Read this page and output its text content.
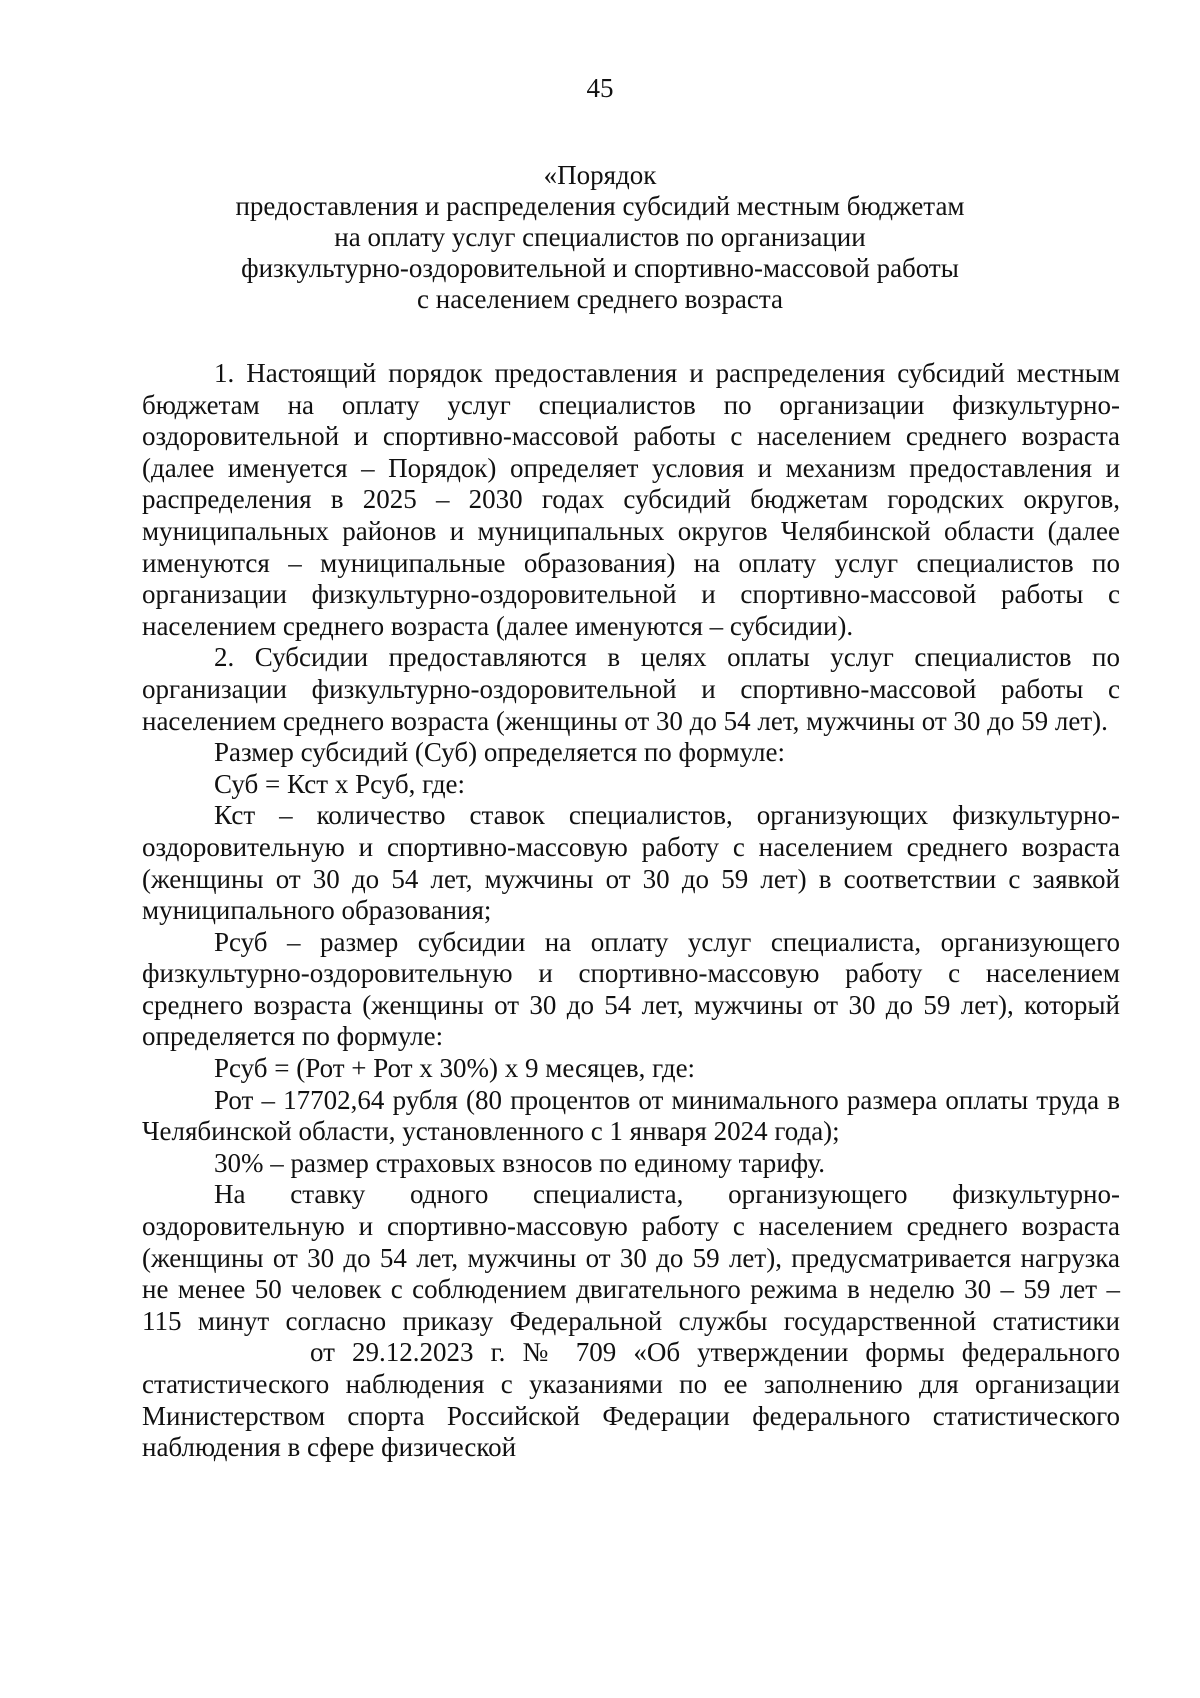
45
«Порядок
предоставления и распределения субсидий местным бюджетам
на оплату услуг специалистов по организации
физкультурно-оздоровительной и спортивно-массовой работы
с населением среднего возраста

1. Настоящий порядок предоставления и распределения субсидий местным бюджетам на оплату услуг специалистов по организации физкультурно-оздоровительной и спортивно-массовой работы с населением среднего возраста (далее именуется – Порядок) определяет условия и механизм предоставления и распределения в 2025 – 2030 годах субсидий бюджетам городских округов, муниципальных районов и муниципальных округов Челябинской области (далее именуются – муниципальные образования) на оплату услуг специалистов по организации физкультурно-оздоровительной и спортивно-массовой работы с населением среднего возраста (далее именуются – субсидии).

2. Субсидии предоставляются в целях оплаты услуг специалистов по организации физкультурно-оздоровительной и спортивно-массовой работы с населением среднего возраста (женщины от 30 до 54 лет, мужчины от 30 до 59 лет).

Размер субсидий (Суб) определяется по формуле:

Суб = Кст х Рсуб, где:

Кст – количество ставок специалистов, организующих физкультурно-оздоровительную и спортивно-массовую работу с населением среднего возраста (женщины от 30 до 54 лет, мужчины от 30 до 59 лет) в соответствии с заявкой муниципального образования;

Рсуб – размер субсидии на оплату услуг специалиста, организующего физкультурно-оздоровительную и спортивно-массовую работу с населением среднего возраста (женщины от 30 до 54 лет, мужчины от 30 до 59 лет), который определяется по формуле:

Рсуб = (Рот + Рот х 30%) х 9 месяцев, где:

Рот – 17702,64 рубля (80 процентов от минимального размера оплаты труда в Челябинской области, установленного с 1 января 2024 года);

30% – размер страховых взносов по единому тарифу.

На ставку одного специалиста, организующего физкультурно-оздоровительную и спортивно-массовую работу с населением среднего возраста (женщины от 30 до 54 лет, мужчины от 30 до 59 лет), предусматривается нагрузка не менее 50 человек с соблюдением двигательного режима в неделю 30 – 59 лет – 115 минут согласно приказу Федеральной службы государственной статистикиот 29.12.2023 г. № 709 «Об утверждении формы федерального статистического наблюдения с указаниями по ее заполнению для организации Министерством спорта Российской Федерации федерального статистического наблюдения в сфере физической
